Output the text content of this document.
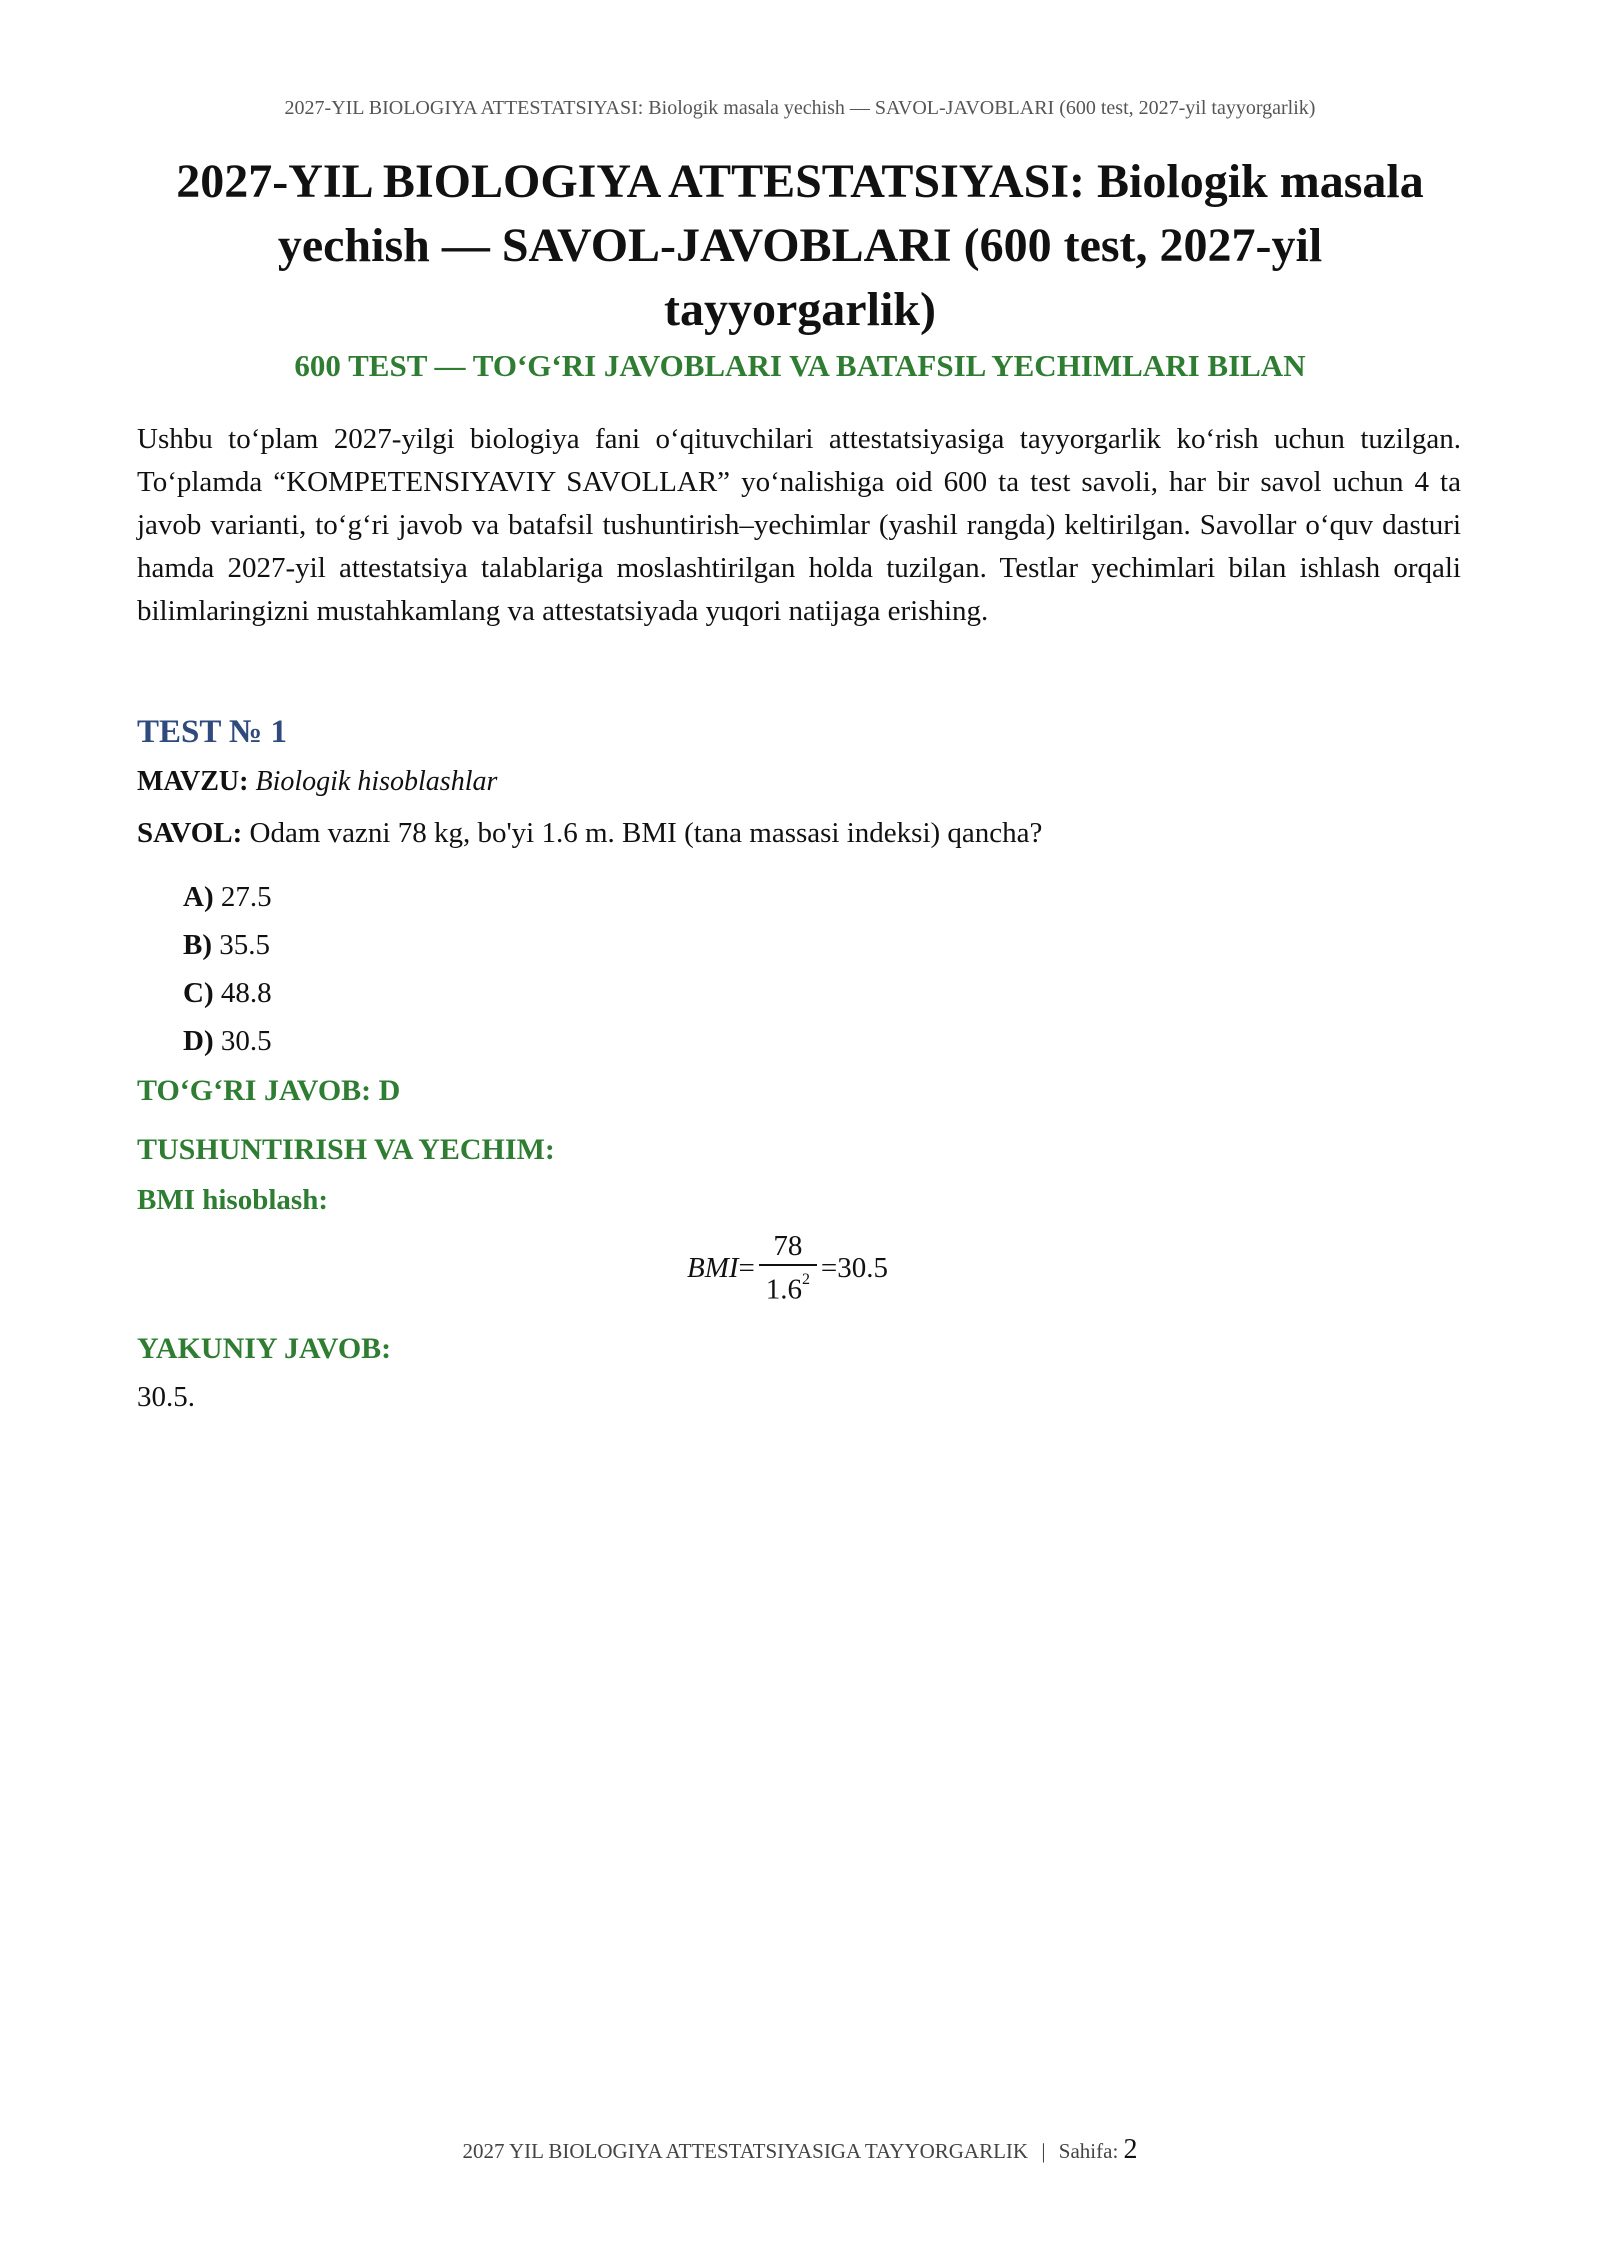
2027-YIL BIOLOGIYA ATTESTATSIYASI: Biologik masala yechish — SAVOL-JAVOBLARI (600 test, 2027-yil tayyorgarlik)
2027-YIL BIOLOGIYA ATTESTATSIYASI: Biologik masala yechish — SAVOL-JAVOBLARI (600 test, 2027-yil tayyorgarlik)
600 TEST — TO‘G‘RI JAVOBLARI VA BATAFSIL YECHIMLARI BILAN

Ushbu to‘plam 2027-yilgi biologiya fani o‘qituvchilari attestatsiyasiga tayyorgarlik ko‘rish uchun tuzilgan. To‘plamda “KOMPETENSIYAVIY SAVOLLAR” yo‘nalishiga oid 600 ta test savoli, har bir savol uchun 4 ta javob varianti, to‘g‘ri javob va batafsil tushuntirish–yechimlar (yashil rangda) keltirilgan. Savollar o‘quv dasturi hamda 2027-yil attestatsiya talablariga moslashtirilgan holda tuzilgan. Testlar yechimlari bilan ishlash orqali bilimlaringizni mustahkamlang va attestatsiyada yuqori natijaga erishing.

TEST № 1
MAVZU: Biologik hisoblashlar
SAVOL: Odam vazni 78 kg, bo'yi 1.6 m. BMI (tana massasi indeksi) qancha?
A) 27.5
B) 35.5
C) 48.8
D) 30.5
TO‘G‘RI JAVOB: D
TUSHUNTIRISH VA YECHIM:
BMI hisoblash:
BMI = $\frac{78}{1.6^2} =30.5$
YAKUNIY JAVOB:
30.5.
2027 YIL BIOLOGIYA ATTESTATSIYASIGA TAYYORGARLIK | Sahifa: 2
